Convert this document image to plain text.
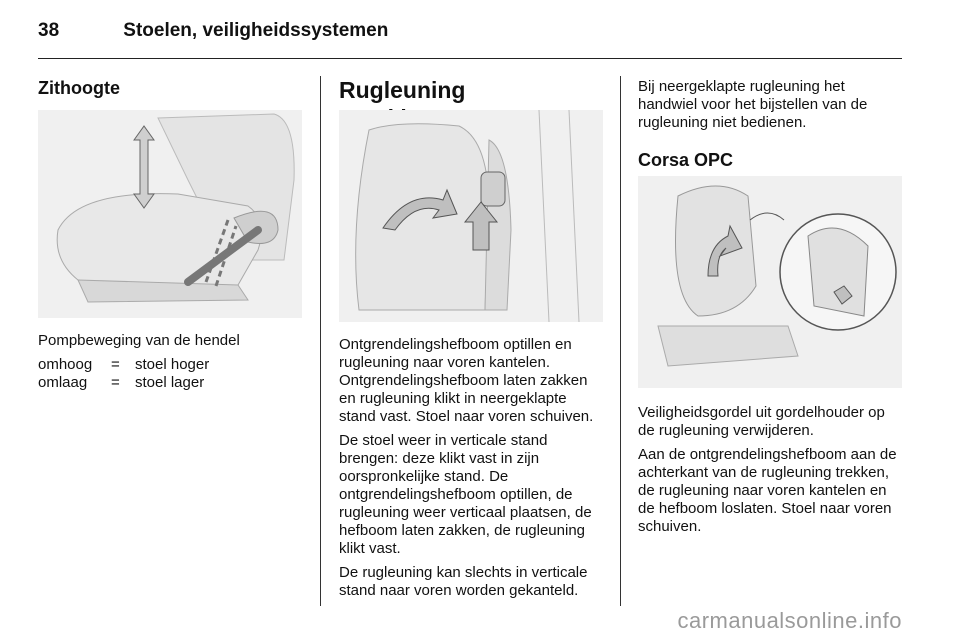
38	Stoelen, veiligheidssystemen
Zithoogte

Pompbeweging van de hendel

omhoog	=	stoel hoger
omlaag	=	stoel lager
Rugleuning

Ontgrendelingshefboom optillen en rugleuning naar voren kantelen. Ontgrendelingshefboom laten zakken en rugleuning klikt in neergeklapte stand vast. Stoel naar voren schuiven.

De stoel weer in verticale stand brengen: deze klikt vast in zijn oorspronkelijke stand. De ontgrendelingshefboom optillen, de rugleuning weer verticaal plaatsen, de hefboom laten zakken, de rugleuning klikt vast.

De rugleuning kan slechts in verticale stand naar voren worden gekanteld.

Bij neergeklapte rugleuning het handwiel voor het bijstellen van de rugleuning niet bedienen.

Corsa OPC

Veiligheidsgordel uit gordelhouder op de rugleuning verwijderen.

Aan de ontgrendelingshefboom aan de achterkant van de rugleuning trekken, de rugleuning naar voren kantelen en de hefboom loslaten. Stoel naar voren schuiven.

carmanualsonline.info
